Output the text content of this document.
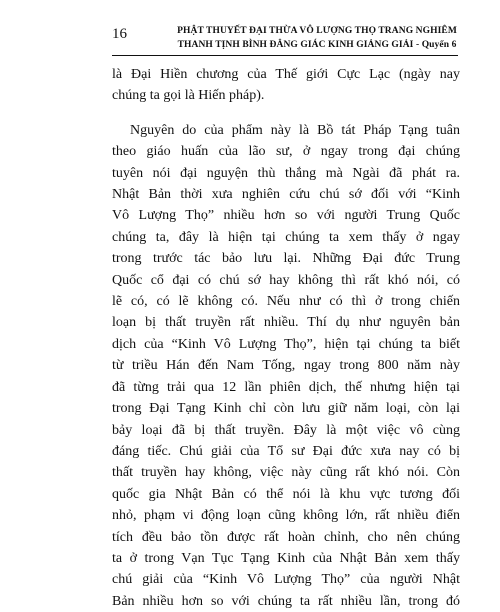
16	PHẬT THUYẾT ĐẠI THỪA VÔ LƯỢNG THỌ TRANG NGHIÊM
THANH TỊNH BÌNH ĐẲNG GIÁC KINH GIẢNG GIẢI - Quyển 6
là Đại Hiền chương của Thế giới Cực Lạc (ngày nay
chúng ta gọi là Hiến pháp).
Nguyên do của phẩm này là Bồ tát Pháp Tạng tuân
theo giáo huấn của lão sư, ở ngay trong đại chúng
tuyên nói đại nguyện thù thắng mà Ngài đã phát ra.
Nhật Bản thời xưa nghiên cứu chú sớ đối với “Kinh
Vô Lượng Thọ” nhiều hơn so với người Trung Quốc
chúng ta, đây là hiện tại chúng ta xem thấy ở ngay
trong trước tác bảo lưu lại. Những Đại đức Trung
Quốc cổ đại có chú sớ hay không thì rất khó nói, có
lẽ có, có lẽ không có. Nếu như có thì ở trong chiến
loạn bị thất truyền rất nhiều. Thí dụ như nguyên bản
dịch của “Kinh Vô Lượng Thọ”, hiện tại chúng ta biết
từ triều Hán đến Nam Tống, ngay trong 800 năm này
đã từng trải qua 12 lần phiên dịch, thế nhưng hiện tại
trong Đại Tạng Kinh chỉ còn lưu giữ năm loại, còn lại
bảy loại đã bị thất truyền. Đây là một việc vô cùng
đáng tiếc. Chú giải của Tổ sư Đại đức xưa nay có bị
thất truyền hay không, việc này cũng rất khó nói. Còn
quốc gia Nhật Bản có thể nói là khu vực tương đối
nhỏ, phạm vi động loạn cũng không lớn, rất nhiều điển
tích đều bảo tồn được rất hoàn chỉnh, cho nên chúng
ta ở trong Vạn Tục Tạng Kinh của Nhật Bản xem thấy
chú giải của “Kinh Vô Lượng Thọ” của người Nhật
Bản nhiều hơn so với chúng ta rất nhiều lần, trong đó
